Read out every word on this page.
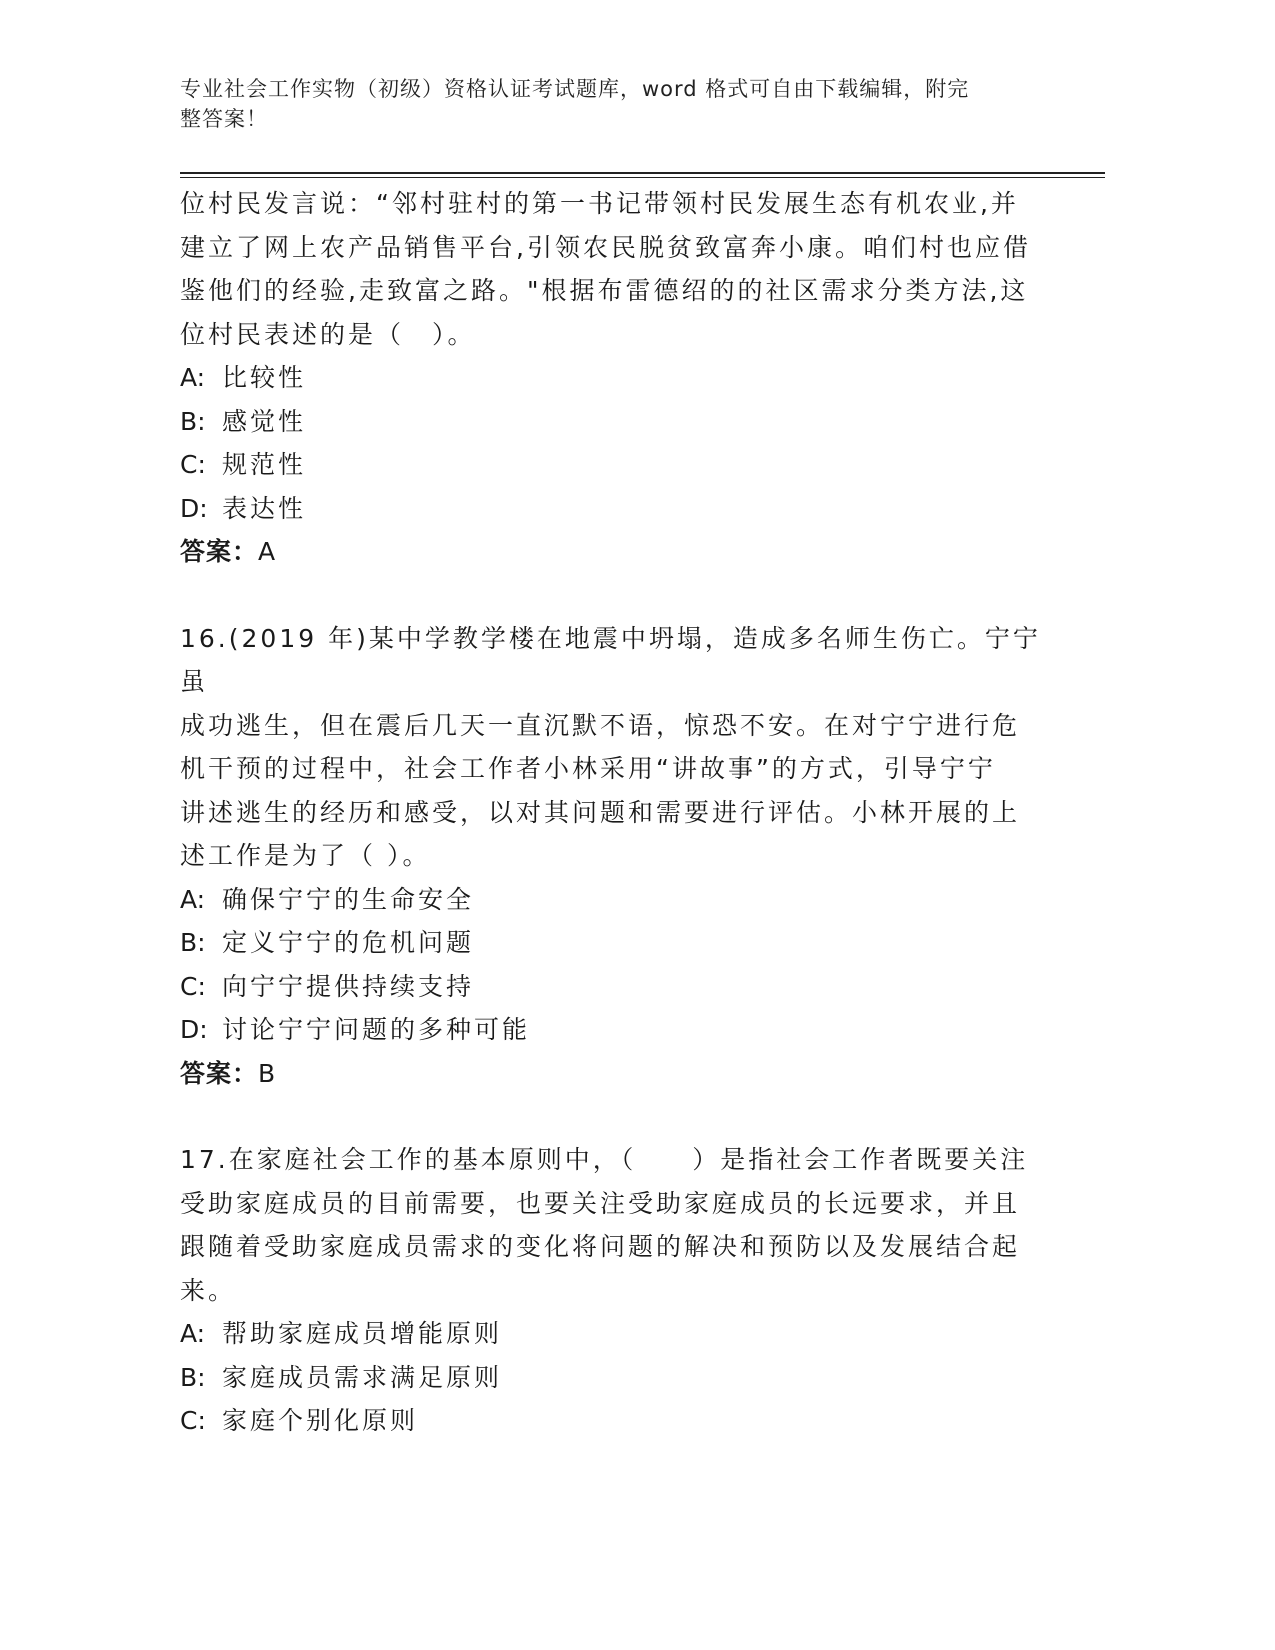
专业社会工作实物（初级）资格认证考试题库，word 格式可自由下载编辑，附完
整答案！

位村民发言说：“邻村驻村的第一书记带领村民发展生态有机农业,并

建立了网上农产品销售平台,引领农民脱贫致富奔小康。咱们村也应借

鉴他们的经验,走致富之路。"根据布雷德绍的的社区需求分类方法,这

位村民表述的是（　）。

A: 比较性

B: 感觉性

C: 规范性

D: 表达性

答案：A

16.(2019 年)某中学教学楼在地震中坍塌，造成多名师生伤亡。宁宁虽

成功逃生，但在震后几天一直沉默不语，惊恐不安。在对宁宁进行危

机干预的过程中，社会工作者小林采用“讲故事”的方式，引导宁宁

讲述逃生的经历和感受，以对其问题和需要进行评估。小林开展的上

述工作是为了（ ）。

A: 确保宁宁的生命安全

B: 定义宁宁的危机问题

C: 向宁宁提供持续支持

D: 讨论宁宁问题的多种可能

答案：B

17.在家庭社会工作的基本原则中，（　　）是指社会工作者既要关注

受助家庭成员的目前需要，也要关注受助家庭成员的长远要求，并且

跟随着受助家庭成员需求的变化将问题的解决和预防以及发展结合起

来。

A: 帮助家庭成员增能原则

B: 家庭成员需求满足原则

C: 家庭个别化原则
